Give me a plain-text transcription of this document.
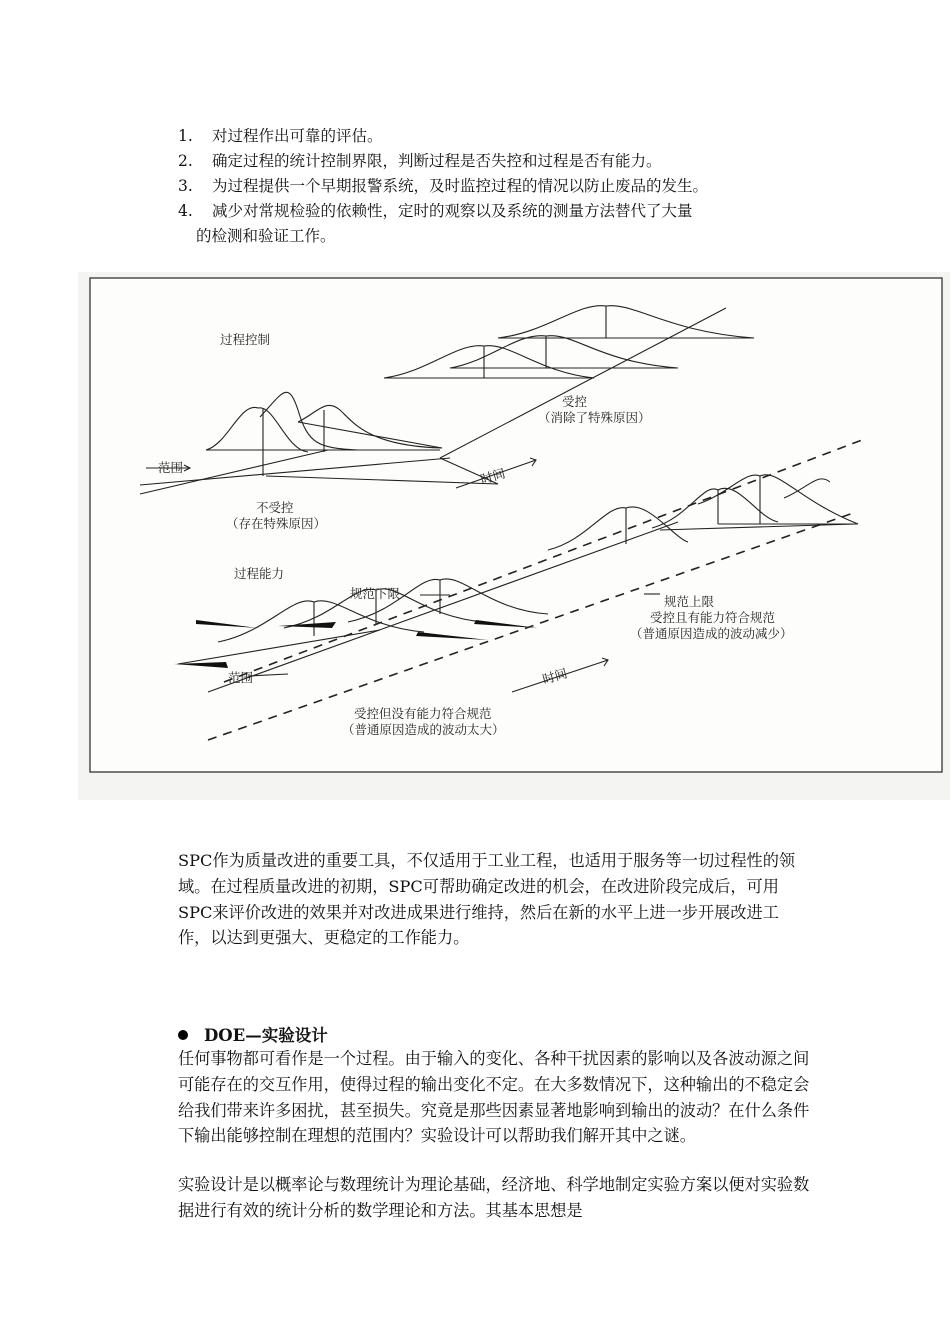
1. 对过程作出可靠的评估。
2. 确定过程的统计控制界限，判断过程是否失控和过程是否有能力。
3. 为过程提供一个早期报警系统，及时监控过程的情况以防止废品的发生。
4. 减少对常规检验的依赖性，定时的观察以及系统的测量方法替代了大量
的检测和验证工作。
过程控制
受控
（消除了特殊原因）
范围	时间
不受控
（存在特殊原因）
过程能力
规范下限
规范上限
受控且有能力符合规范
（普通原因造成的波动减少）
范围	时间
受控但没有能力符合规范
（普通原因造成的波动太大）
SPC作为质量改进的重要工具，不仅适用于工业工程，也适用于服务等一切过程性的领域。在过程质量改进的初期，SPC可帮助确定改进的机会，在改进阶段完成后，可用SPC来评价改进的效果并对改进成果进行维持，然后在新的水平上进一步开展改进工作，以达到更强大、更稳定的工作能力。
DOE—实验设计
任何事物都可看作是一个过程。由于输入的变化、各种干扰因素的影响以及各波动源之间可能存在的交互作用，使得过程的输出变化不定。在大多数情况下，这种输出的不稳定会给我们带来许多困扰，甚至损失。究竟是那些因素显著地影响到输出的波动？在什么条件下输出能够控制在理想的范围内？实验设计可以帮助我们解开其中之谜。
实验设计是以概率论与数理统计为理论基础，经济地、科学地制定实验方案以便对实验数据进行有效的统计分析的数学理论和方法。其基本思想是
